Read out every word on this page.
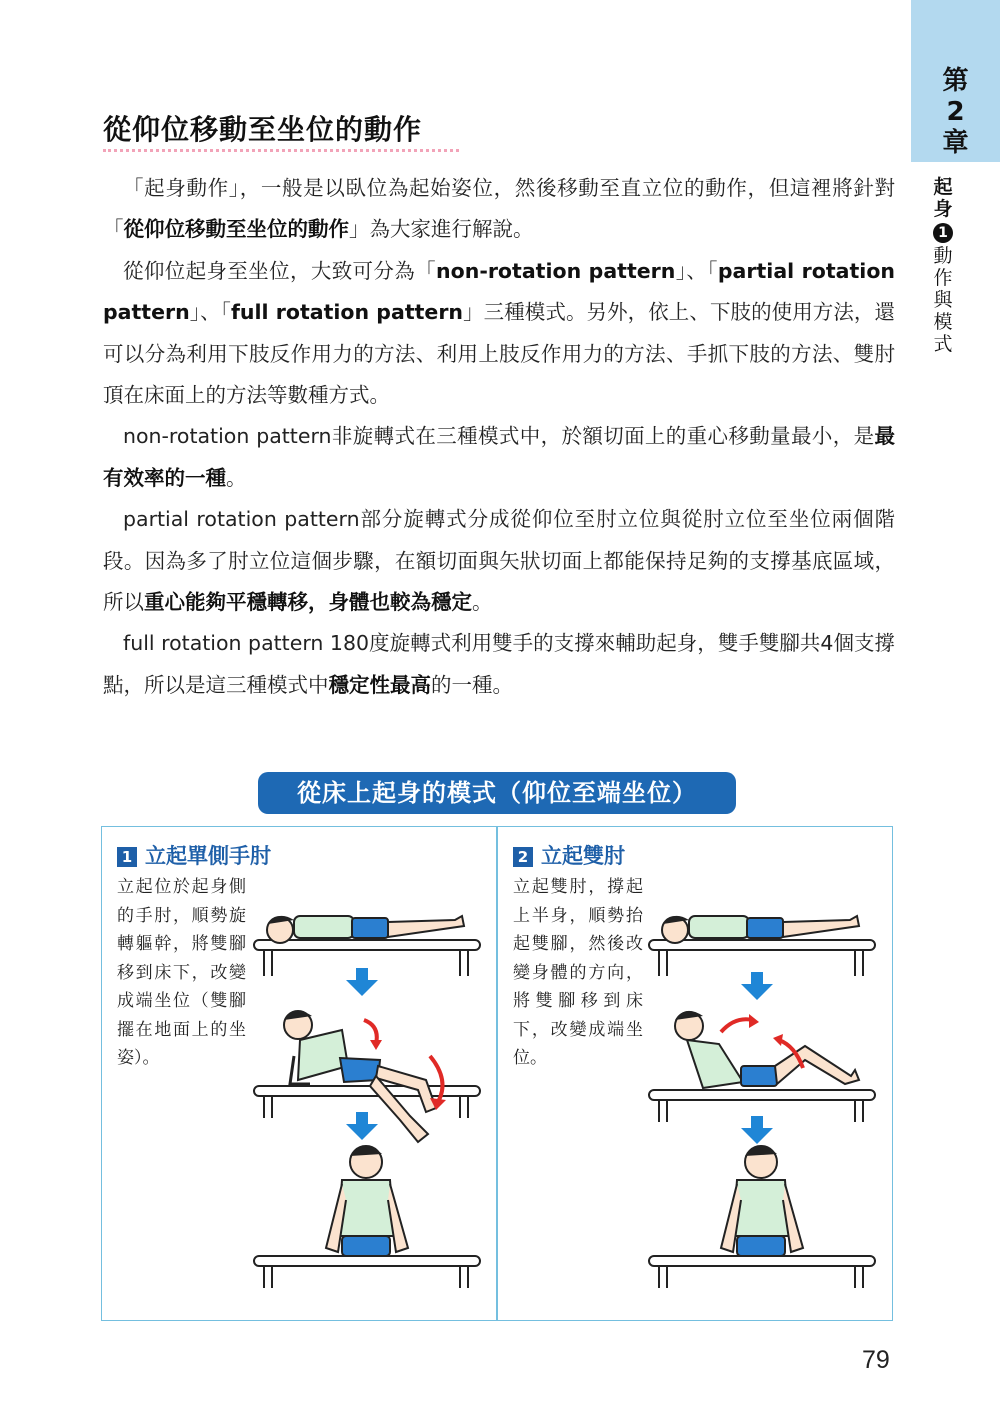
第
2
章
起
身
1
動
作
與
模
式
從仰位移動至坐位的動作

「起身動作」，一般是以臥位為起始姿位，然後移動至直立位的動作，但這裡將針對「從仰位移動至坐位的動作」為大家進行解說。

從仰位起身至坐位，大致可分為「non-rotation pattern」、「partial rotation pattern」、「full rotation pattern」三種模式。另外，依上、下肢的使用方法，還可以分為利用下肢反作用力的方法、利用上肢反作用力的方法、手抓下肢的方法、雙肘頂在床面上的方法等數種方式。

non-rotation pattern非旋轉式在三種模式中，於額切面上的重心移動量最小，是最有效率的一種。

partial rotation pattern部分旋轉式分成從仰位至肘立位與從肘立位至坐位兩個階段。因為多了肘立位這個步驟，在額切面與矢狀切面上都能保持足夠的支撐基底區域，所以重心能夠平穩轉移，身體也較為穩定。

full rotation pattern 180度旋轉式利用雙手的支撐來輔助起身，雙手雙腳共4個支撐點，所以是這三種模式中穩定性最高的一種。

從床上起身的模式（仰位至端坐位）
1 立起單側手肘
立起位於起身側的手肘，順勢旋轉軀幹，將雙腳移到床下，改變成端坐位（雙腳擺在地面上的坐姿）。
2 立起雙肘
立起雙肘，撐起上半身，順勢抬起雙腳，然後改變身體的方向，將雙腳移到床下，改變成端坐位。
79
